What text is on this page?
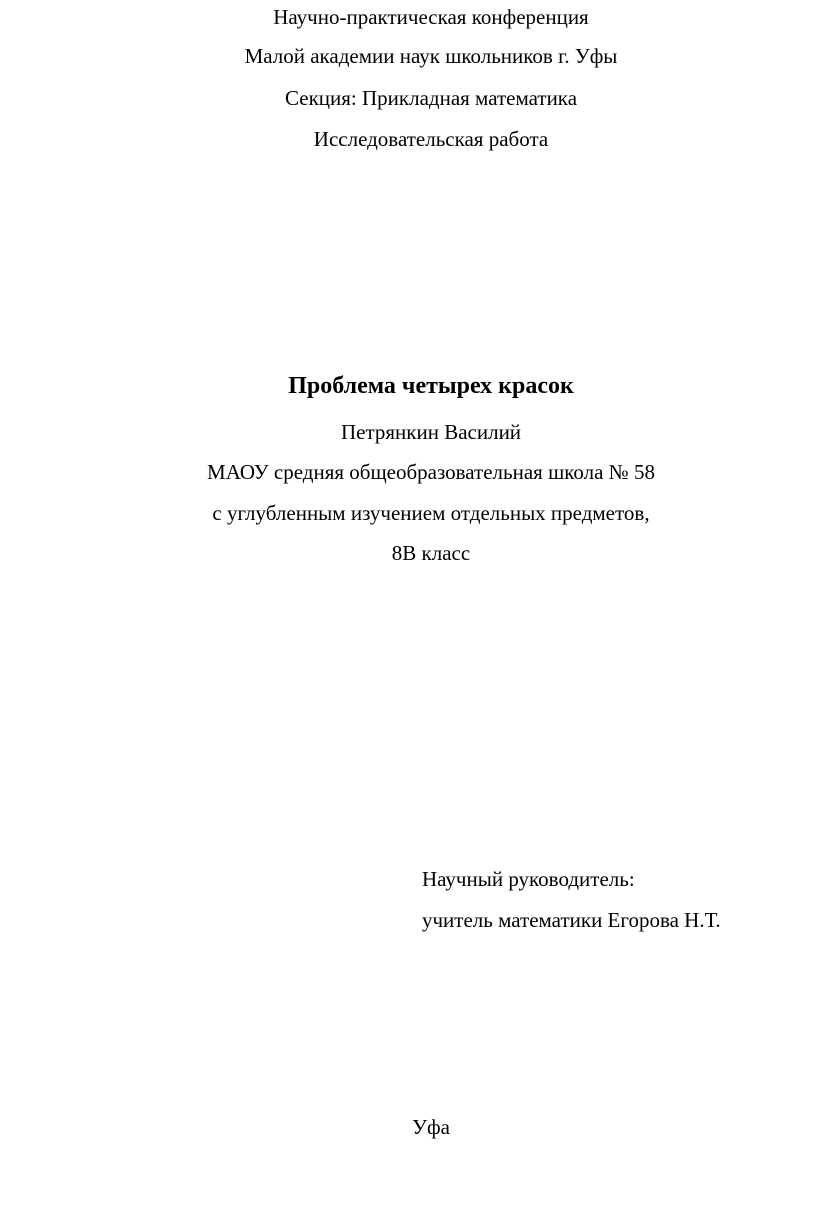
Научно-практическая конференция
Малой академии наук школьников г. Уфы
Секция: Прикладная математика
Исследовательская работа
Проблема четырех красок
Петрянкин Василий
МАОУ средняя общеобразовательная школа № 58
с углубленным изучением отдельных предметов,
8В класс
Научный руководитель:
учитель математики Егорова Н.Т.
Уфа
